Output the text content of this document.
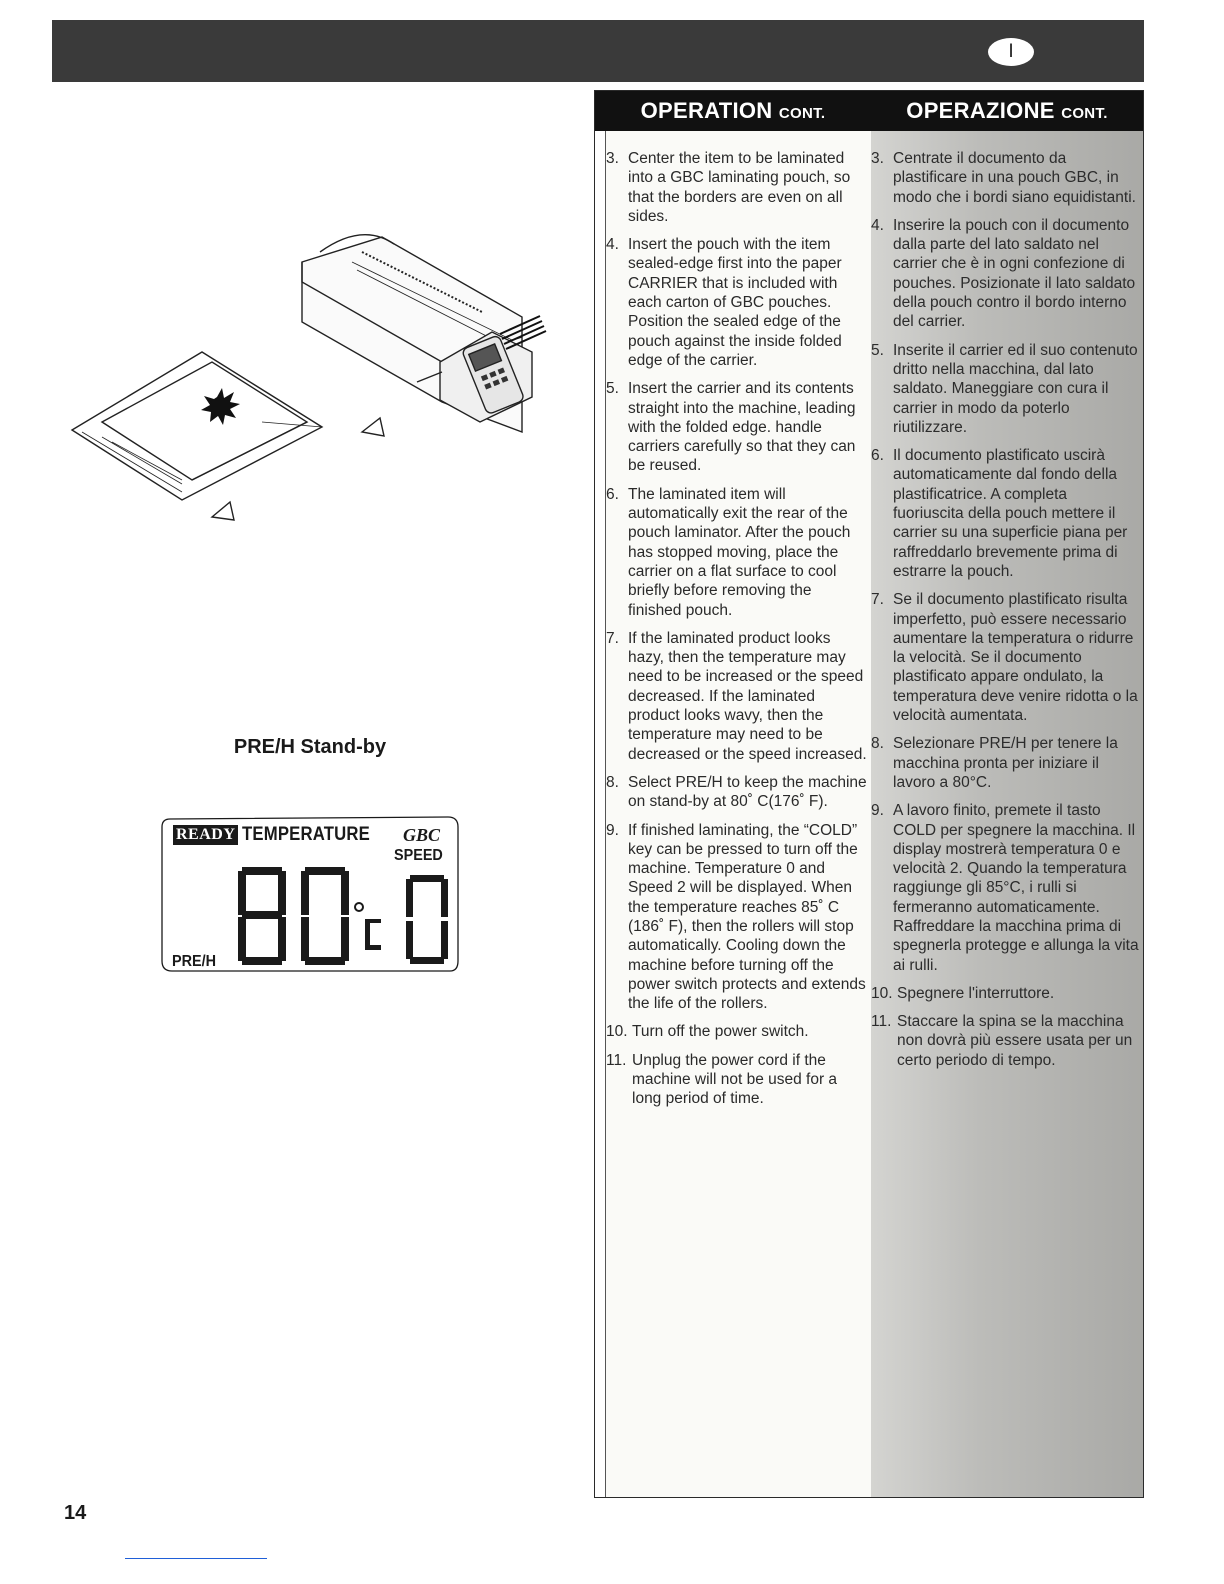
I
PRE/H Stand-by
READY TEMPERATURE GBC
SPEED
PRE/H
OPERATION CONT.	OPERAZIONE CONT.
3. Center the item to be laminated into a GBC laminating pouch, so that the borders are even on all sides.
4. Insert the pouch with the item sealed-edge first into the paper CARRIER that is included with each carton of GBC pouches. Position the sealed edge of the pouch against the inside folded edge of the carrier.
5. Insert the carrier and its contents straight into the machine, leading with the folded edge. handle carriers carefully so that they can be reused.
6. The laminated item will automatically exit the rear of the pouch laminator. After the pouch has stopped moving, place the carrier on a flat surface to cool briefly before removing the finished pouch.
7. If the laminated product looks hazy, then the temperature may need to be increased or the speed decreased. If the laminated product looks wavy, then the temperature may need to be decreased or the speed increased.
8. Select PRE/H to keep the machine on stand-by at 80˚ C(176˚ F).
9. If finished laminating, the “COLD” key can be pressed to turn off the machine. Temperature 0 and Speed 2 will be displayed. When the temperature reaches 85˚ C (186˚ F), then the rollers will stop automatically. Cooling down the machine before turning off the power switch protects and extends the life of the rollers.
10. Turn off the power switch.
11. Unplug the power cord if the machine will not be used for a long period of time.
3. Centrate il documento da plastificare in una pouch GBC, in modo che i bordi siano equidistanti.
4. Inserire la pouch con il documento dalla parte del lato saldato nel carrier che è in ogni confezione di pouches. Posizionate il lato saldato della pouch contro il bordo interno del carrier.
5. Inserite il carrier ed il suo contenuto dritto nella macchina, dal lato saldato. Maneggiare con cura il carrier in modo da poterlo riutilizzare.
6. Il documento plastificato uscirà automaticamente dal fondo della plastificatrice. A completa fuoriuscita della pouch mettere il carrier su una superficie piana per raffreddarlo brevemente prima di estrarre la pouch.
7. Se il documento plastificato risulta imperfetto, può essere necessario aumentare la temperatura o ridurre la velocità. Se il documento plastificato appare ondulato, la temperatura deve venire ridotta o la velocità aumentata.
8. Selezionare PRE/H per tenere la macchina pronta per iniziare il lavoro a 80°C.
9. A lavoro finito, premete il tasto COLD per spegnere la macchina. Il display mostrerà temperatura 0 e velocità 2. Quando la temperatura raggiunge gli 85°C, i rulli si fermeranno automaticamente. Raffreddare la macchina prima di spegnerla protegge e allunga la vita ai rulli.
10. Spegnere l'interruttore.
11. Staccare la spina se la macchina non dovrà più essere usata per un certo periodo di tempo.
14
